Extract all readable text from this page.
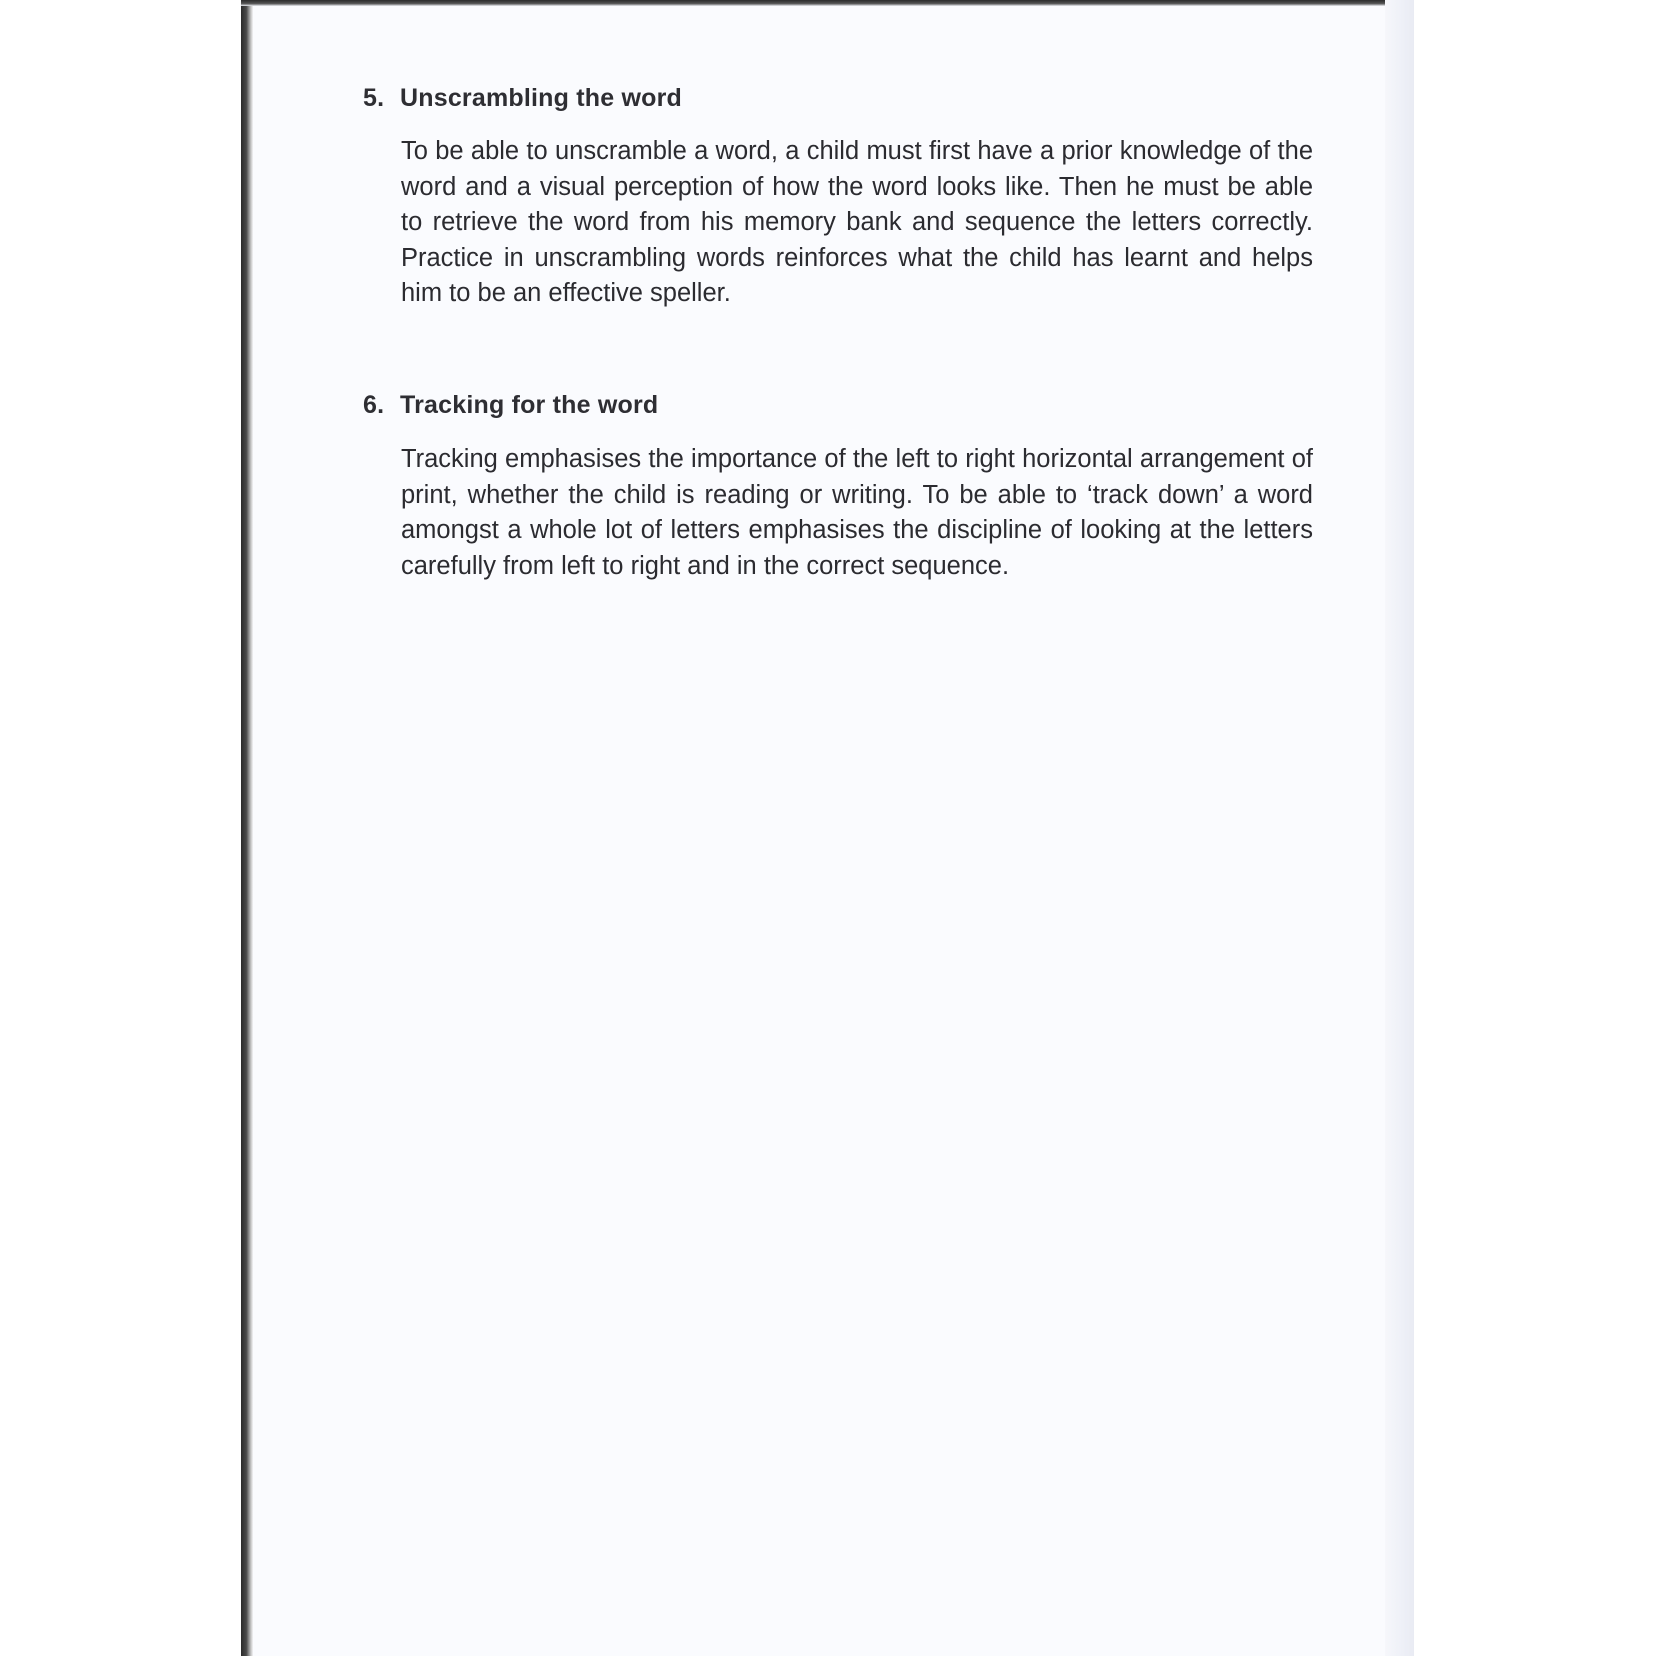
5. Unscrambling the word

To be able to unscramble a word, a child must first have a prior knowledge of the word and a visual perception of how the word looks like. Then he must be able to retrieve the word from his memory bank and sequence the letters correctly. Practice in unscrambling words reinforces what the child has learnt and helps him to be an effective speller.

6. Tracking for the word

Tracking emphasises the importance of the left to right horizontal arrangement of print, whether the child is reading or writing. To be able to ‘track down’ a word amongst a whole lot of letters emphasises the discipline of looking at the letters carefully from left to right and in the correct sequence.
